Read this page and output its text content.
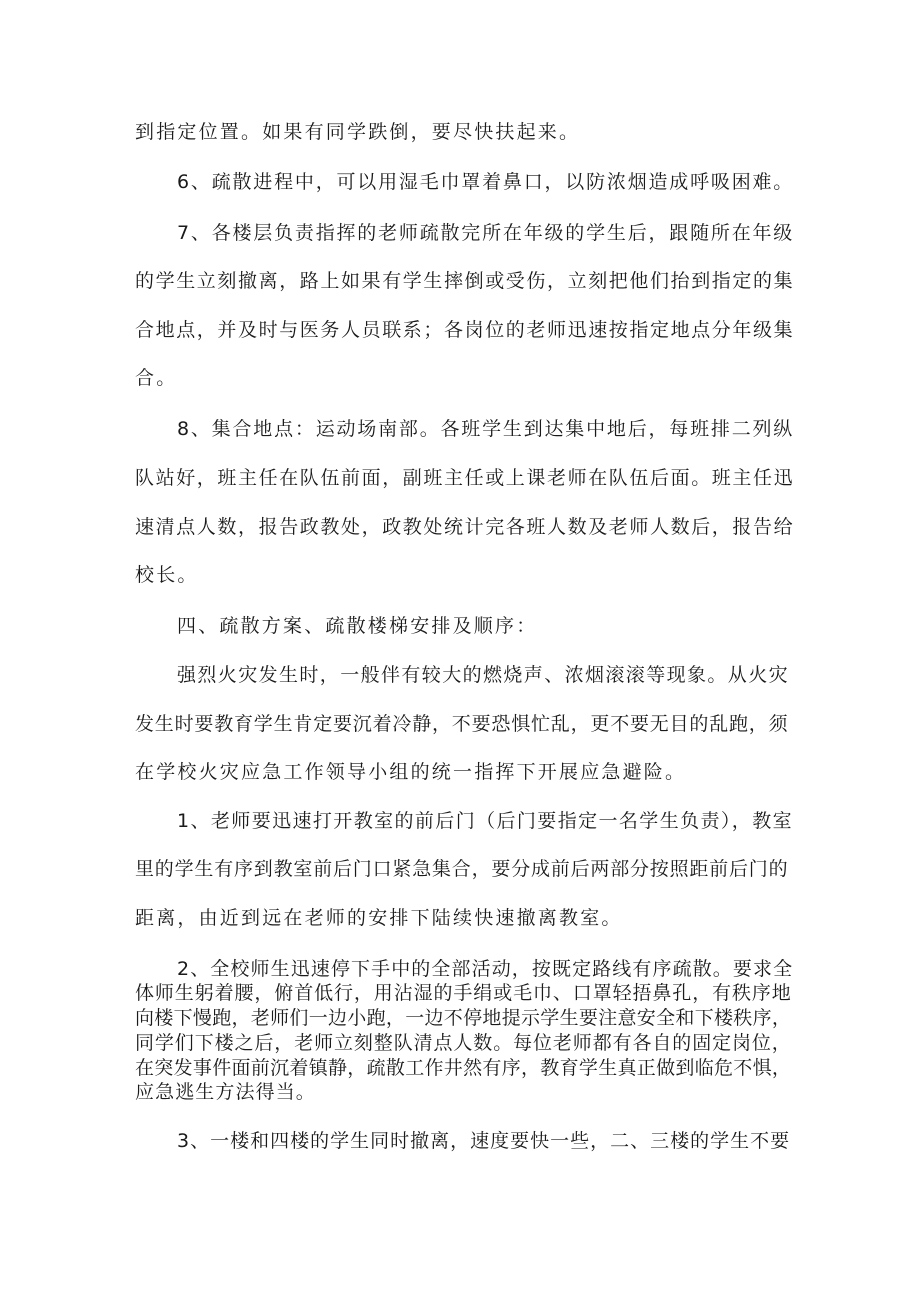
到指定位置。如果有同学跌倒，要尽快扶起来。
6、疏散进程中，可以用湿毛巾罩着鼻口，以防浓烟造成呼吸困难。
7、各楼层负责指挥的老师疏散完所在年级的学生后，跟随所在年级
的学生立刻撤离，路上如果有学生摔倒或受伤，立刻把他们抬到指定的集
合地点，并及时与医务人员联系；各岗位的老师迅速按指定地点分年级集
合。
8、集合地点：运动场南部。各班学生到达集中地后，每班排二列纵
队站好，班主任在队伍前面，副班主任或上课老师在队伍后面。班主任迅
速清点人数，报告政教处，政教处统计完各班人数及老师人数后，报告给
校长。
四、疏散方案、疏散楼梯安排及顺序：
强烈火灾发生时，一般伴有较大的燃烧声、浓烟滚滚等现象。从火灾
发生时要教育学生肯定要沉着冷静，不要恐惧忙乱，更不要无目的乱跑，须
在学校火灾应急工作领导小组的统一指挥下开展应急避险。
1、老师要迅速打开教室的前后门（后门要指定一名学生负责），教室
里的学生有序到教室前后门口紧急集合，要分成前后两部分按照距前后门的
距离，由近到远在老师的安排下陆续快速撤离教室。
2、全校师生迅速停下手中的全部活动，按既定路线有序疏散。要求全
体师生躬着腰，俯首低行，用沾湿的手绢或毛巾、口罩轻捂鼻孔，有秩序地
向楼下慢跑，老师们一边小跑，一边不停地提示学生要注意安全和下楼秩序，
同学们下楼之后，老师立刻整队清点人数。每位老师都有各自的固定岗位，
在突发事件面前沉着镇静，疏散工作井然有序，教育学生真正做到临危不惧，
应急逃生方法得当。
3、一楼和四楼的学生同时撤离，速度要快一些，二、三楼的学生不要
